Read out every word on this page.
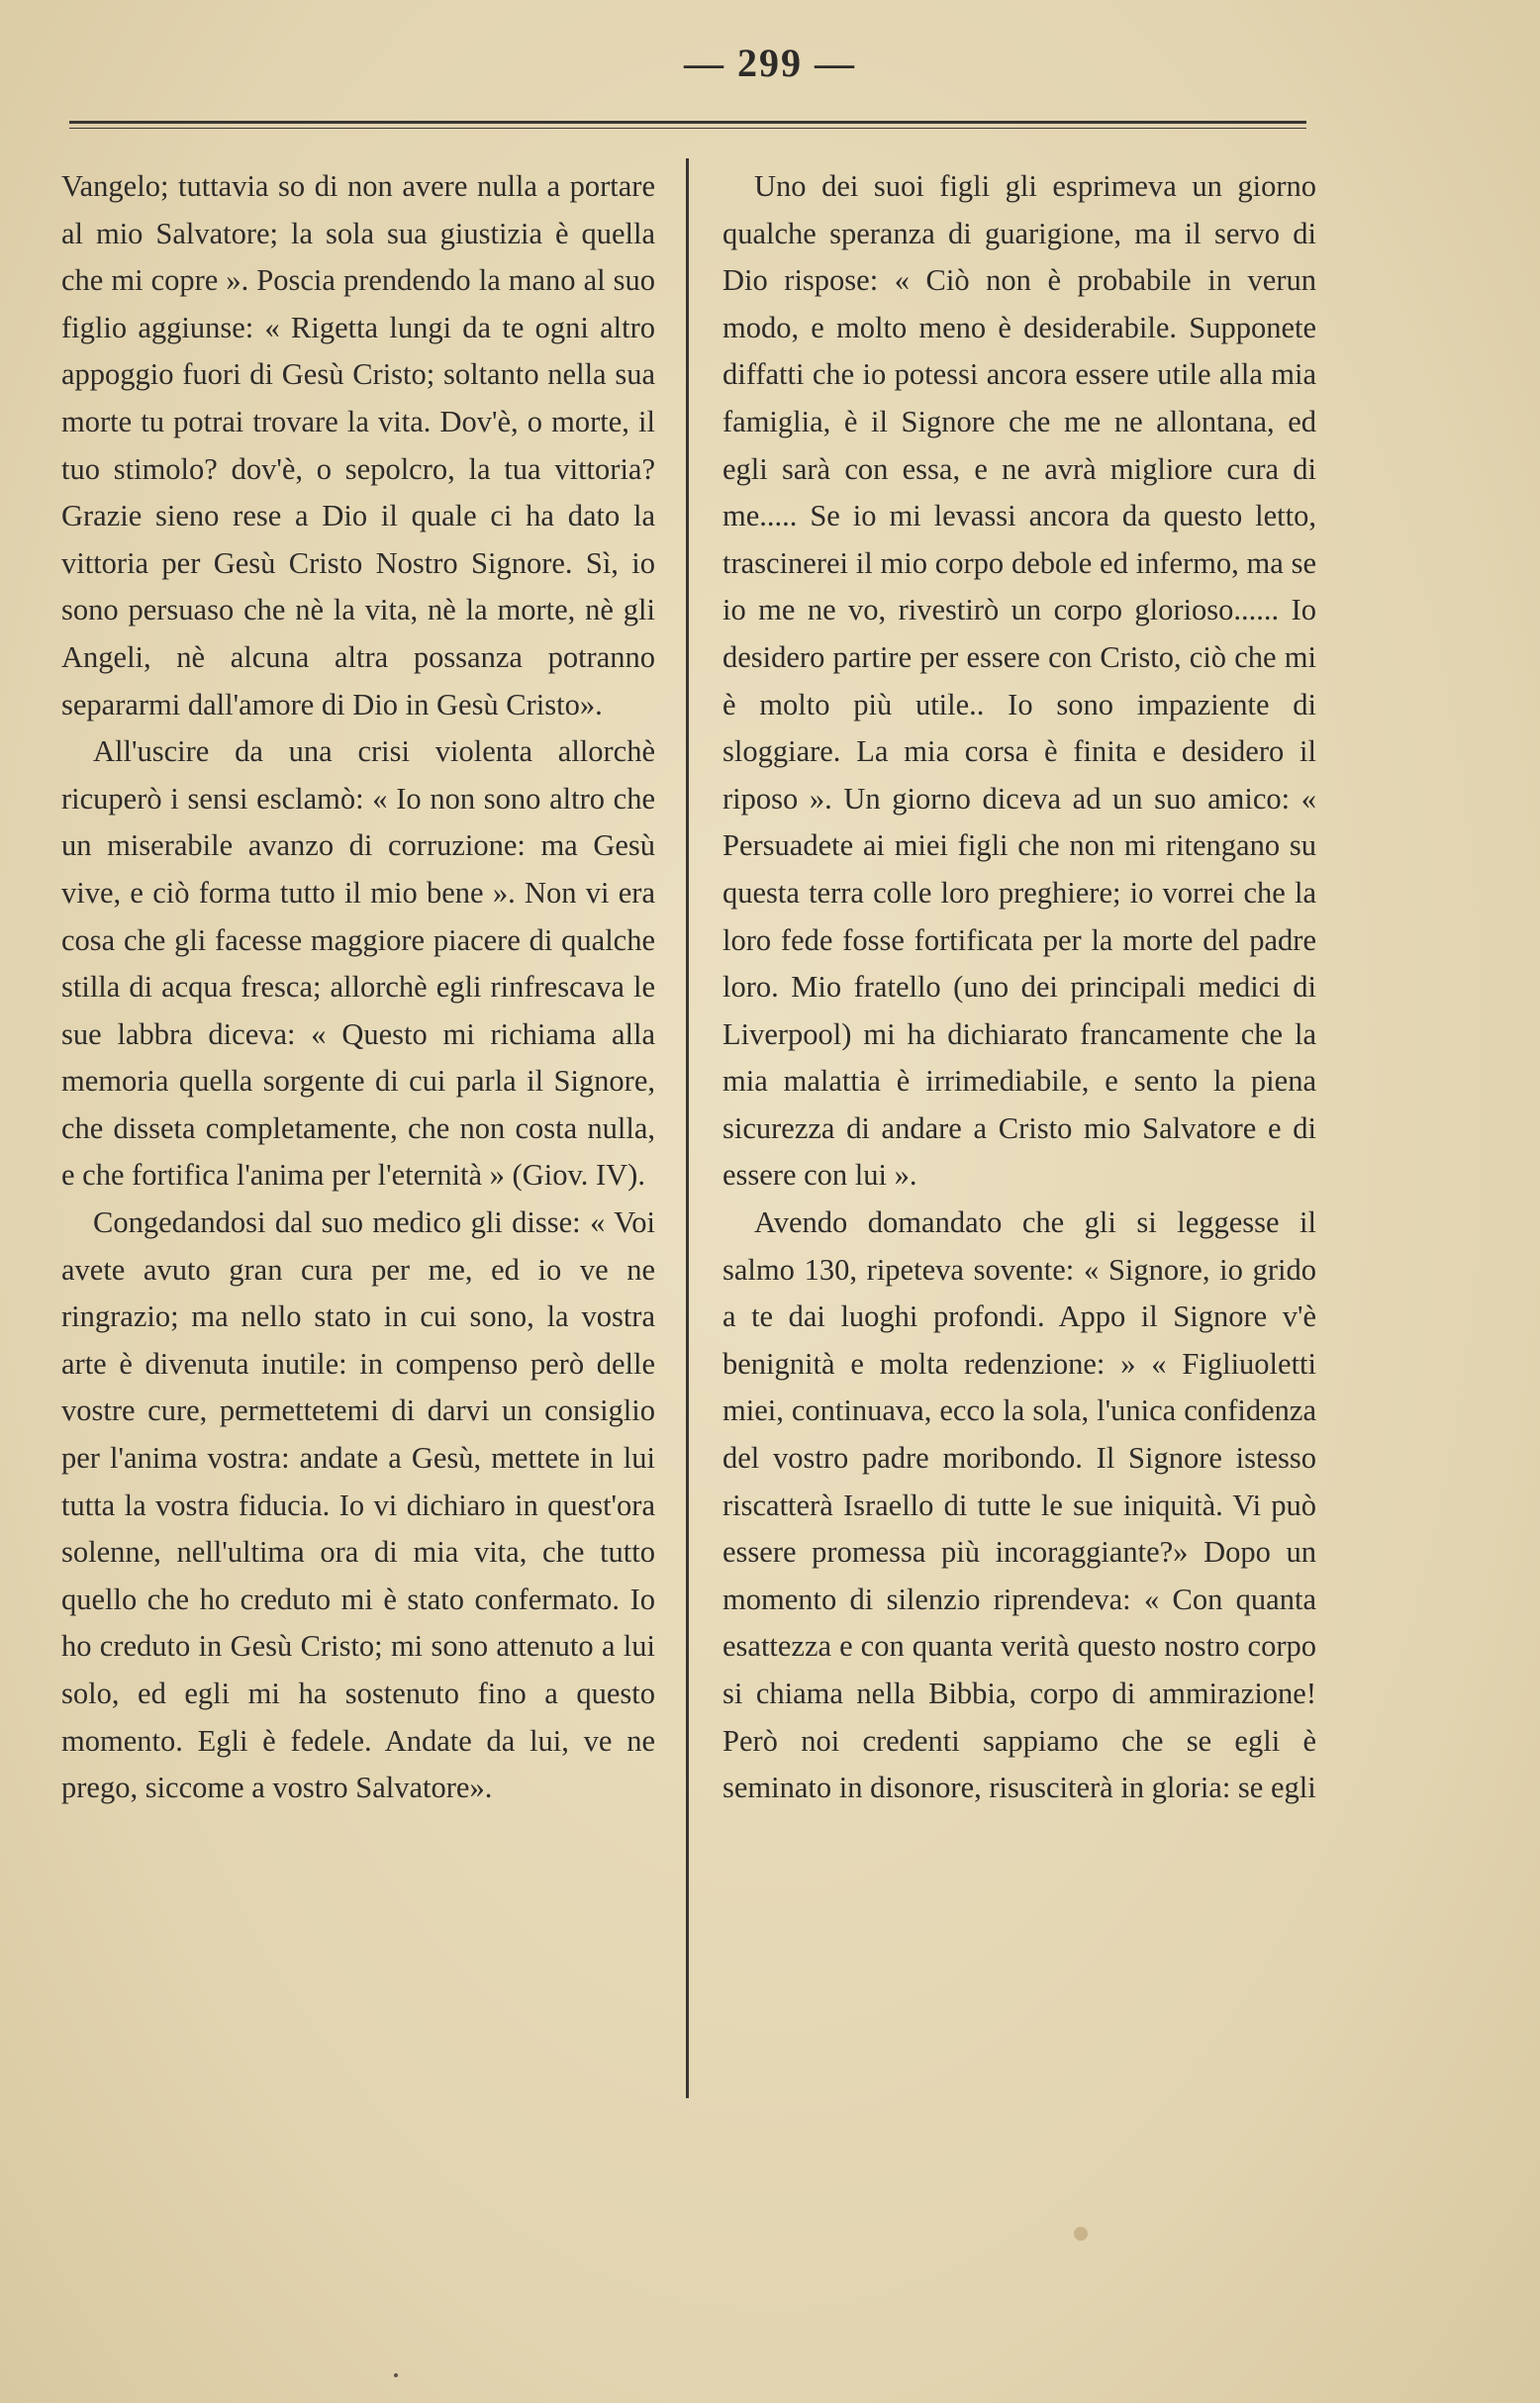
— 299 —

Vangelo; tuttavia so di non avere nulla a portare al mio Salvatore; la sola sua giustizia è quella che mi copre ». Poscia prendendo la mano al suo figlio aggiunse: « Rigetta lungi da te ogni altro appoggio fuori di Gesù Cristo; soltanto nella sua morte tu potrai trovare la vita. Dov'è, o morte, il tuo stimolo? dov'è, o sepolcro, la tua vittoria? Grazie sieno rese a Dio il quale ci ha dato la vittoria per Gesù Cristo Nostro Signore. Sì, io sono persuaso che nè la vita, nè la morte, nè gli Angeli, nè alcuna altra possanza potranno separarmi dall'amore di Dio in Gesù Cristo».

All'uscire da una crisi violenta allorchè ricuperò i sensi esclamò: « Io non sono altro che un miserabile avanzo di corruzione: ma Gesù vive, e ciò forma tutto il mio bene ». Non vi era cosa che gli facesse maggiore piacere di qualche stilla di acqua fresca; allorchè egli rinfrescava le sue labbra diceva: « Questo mi richiama alla memoria quella sorgente di cui parla il Signore, che disseta completamente, che non costa nulla, e che fortifica l'anima per l'eternità » (Giov. IV).

Congedandosi dal suo medico gli disse: « Voi avete avuto gran cura per me, ed io ve ne ringrazio; ma nello stato in cui sono, la vostra arte è divenuta inutile: in compenso però delle vostre cure, permettetemi di darvi un consiglio per l'anima vostra: andate a Gesù, mettete in lui tutta la vostra fiducia. Io vi dichiaro in quest'ora solenne, nell'ultima ora di mia vita, che tutto quello che ho creduto mi è stato confermato. Io ho creduto in Gesù Cristo; mi sono attenuto a lui solo, ed egli mi ha sostenuto fino a questo momento. Egli è fedele. Andate da lui, ve ne prego, siccome a vostro Salvatore».

Uno dei suoi figli gli esprimeva un giorno qualche speranza di guarigione, ma il servo di Dio rispose: « Ciò non è probabile in verun modo, e molto meno è desiderabile. Supponete diffatti che io potessi ancora essere utile alla mia famiglia, è il Signore che me ne allontana, ed egli sarà con essa, e ne avrà migliore cura di me..... Se io mi levassi ancora da questo letto, trascinerei il mio corpo debole ed infermo, ma se io me ne vo, rivestirò un corpo glorioso...... Io desidero partire per essere con Cristo, ciò che mi è molto più utile.. Io sono impaziente di sloggiare. La mia corsa è finita e desidero il riposo ». Un giorno diceva ad un suo amico: « Persuadete ai miei figli che non mi ritengano su questa terra colle loro preghiere; io vorrei che la loro fede fosse fortificata per la morte del padre loro. Mio fratello (uno dei principali medici di Liverpool) mi ha dichiarato francamente che la mia malattia è irrimediabile, e sento la piena sicurezza di andare a Cristo mio Salvatore e di essere con lui ».

Avendo domandato che gli si leggesse il salmo 130, ripeteva sovente: « Signore, io grido a te dai luoghi profondi. Appo il Signore v'è benignità e molta redenzione: » « Figliuoletti miei, continuava, ecco la sola, l'unica confidenza del vostro padre moribondo. Il Signore istesso riscatterà Israello di tutte le sue iniquità. Vi può essere promessa più incoraggiante?» Dopo un momento di silenzio riprendeva: « Con quanta esattezza e con quanta verità questo nostro corpo si chiama nella Bibbia, corpo di ammirazione! Però noi credenti sappiamo che se egli è seminato in disonore, risusciterà in gloria: se egli
